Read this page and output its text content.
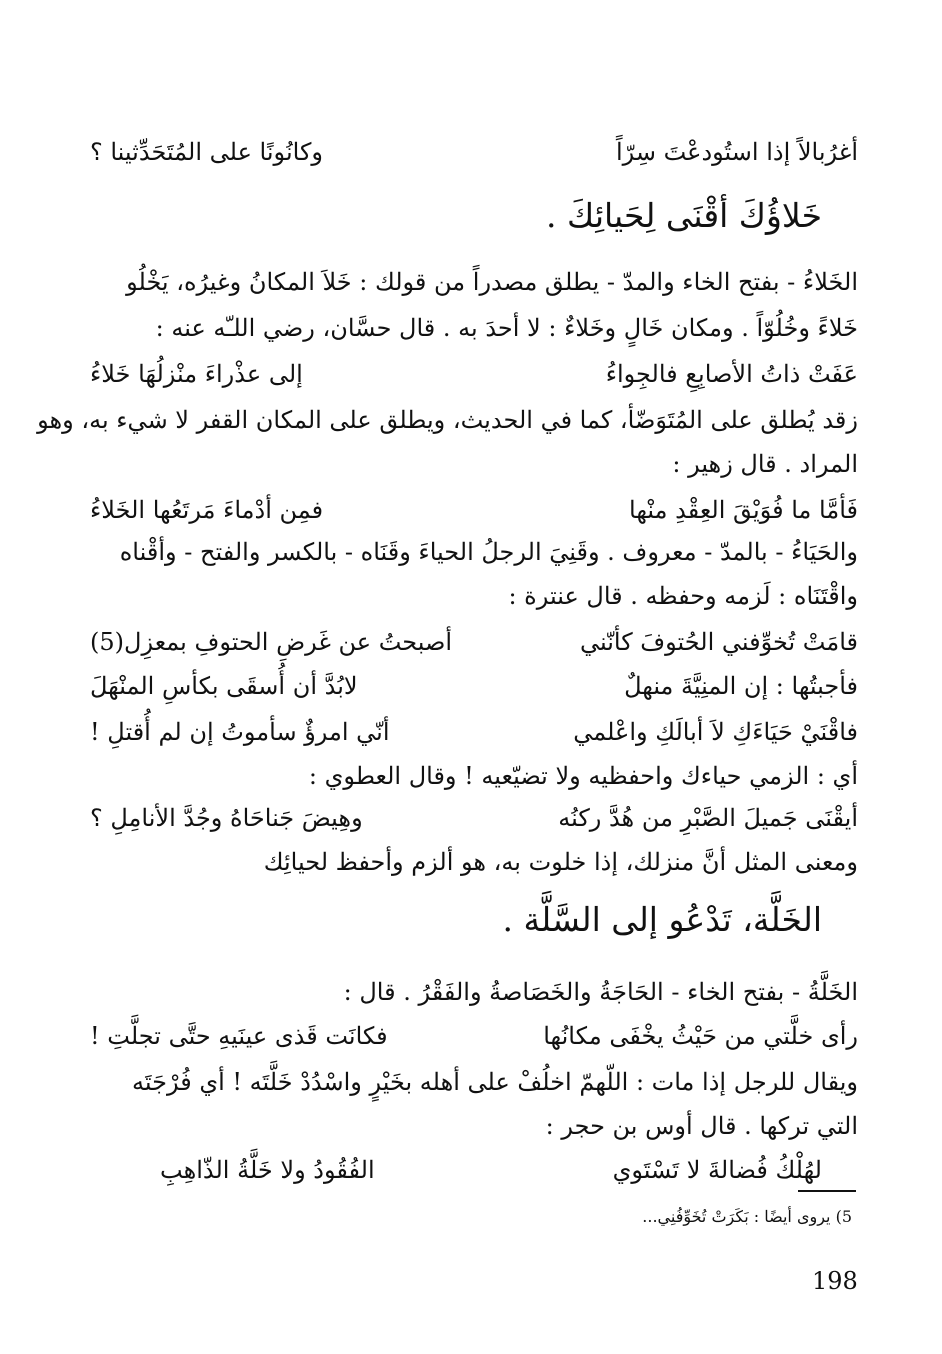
أغرُبالاً إذا استُودعْتَ سِرّاً
وكانُونًا على المُتَحَدِّثينا ؟
خَلاؤُكَ أقْنَى لِحَيائِكَ .
الخَلاءُ - بفتح الخاء والمدّ - يطلق مصدراً من قولك : خَلاَ المكانُ وغيرُه، يَخْلُو
خَلاءً وخُلُوّاً . ومكان خَالٍ وخَلاءٌ : لا أحدَ به . قال حسَّان، رضي اللـّه عنه :
عَفَتْ ذاتُ الأصابِعِ فالجِواءُ
إلى عذْراءَ منْزلُهَا خَلاءُ
زقد يُطلق على المُتَوَضّأ، كما في الحديث، ويطلق على المكان القفر لا شيء به، وهو
المراد . قال زهير :
فَأمَّا ما فُوَيْقَ العِقْدِ منْها
فمِن أدْماءَ مَرتَعُها الخَلاءُ
والحَيَاءُ - بالمدّ - معروف . وقَنِيَ الرجلُ الحياءَ وقَنَاه - بالكسر والفتح - وأقْناه
واقْتَنَاه : لَزمه وحفظه . قال عنترة :
قامَتْ تُخوِّفني الحُتوفَ كأنّني
أصبحتُ عن غَرضِ الحتوفِ بمعزِل(5)
فأجبتُها : إن المنِيَّةَ منهلٌ
لابُدَّ أن أُسقَى بكأسِ المنْهَلَ
فاقْنَيْ حَيَاءَكِ لاَ أبالَكِ واعْلمي
أنّي امرؤٌ سأموتُ إن لم أُقتلِ !
أي : الزمي حياءك واحفظيه ولا تضيّعيه ! وقال العطوي :
أيقْنَى جَميلَ الصَّبْرِ من هُدَّ ركنُه
وهِيضَ جَناحَاهُ وجُدَّ الأنامِلِ ؟
ومعنى المثل أنَّ منزلك، إذا خلوت به، هو ألزم وأحفظ لحيائِك
الخَلَّة، تَدْعُو إلى السَّلَّة .
الخَلَّةُ - بفتح الخاء - الحَاجَةُ والخَصَاصةُ والفَقْرُ . قال :
رأى خلَّتي من حَيْثُ يخْفَى مكانُها
فكانَت قَذى عينَيهِ حتَّى تجلَّتِ !
ويقال للرجل إذا مات : اللّهمّ اخلُفْ على أهله بخَيْرٍ واسْدُدْ خَلَّتَه ! أي فُرْجَتَه
التي تركها . قال أوس بن حجر :
لهُلْكُ فُضالةَ لا تَسْتَوي
الفُقُودُ ولا خَلَّةُ الذّاهِبِ
5) يروى أيضًا : بَكَرَتْ تُخَوِّفُنِي...
198
